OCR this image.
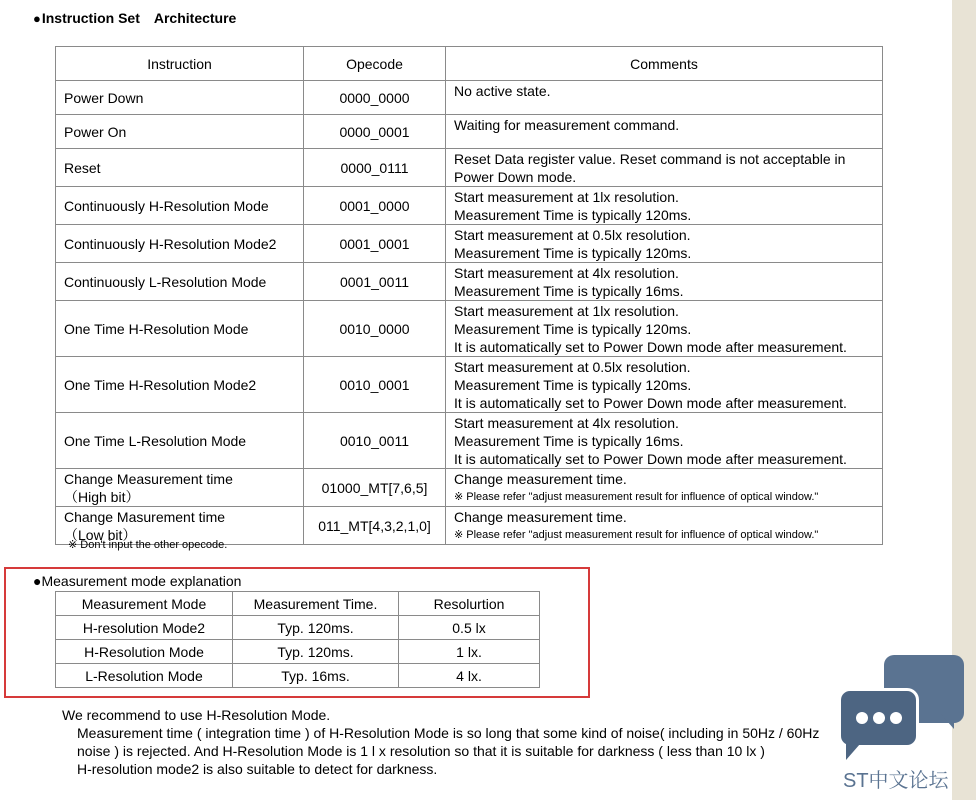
●Instruction Set　Architecture
Instruction	Opecode	Comments

Power Down	0000_0000	No active state.

Power On	0000_0001	Waiting for measurement command.

Reset	0000_0111	Reset Data register value. Reset command is not acceptable in
Power Down mode.

Continuously H-Resolution Mode	0001_0000	Start measurement at 1lx resolution.
Measurement Time is typically 120ms.

Continuously H-Resolution Mode2	0001_0001	Start measurement at 0.5lx resolution.
Measurement Time is typically 120ms.

Continuously L-Resolution Mode	0001_0011	Start measurement at 4lx resolution.
Measurement Time is typically 16ms.

One Time H-Resolution Mode	0010_0000	Start measurement at 1lx resolution.
Measurement Time is typically 120ms.
It is automatically set to Power Down mode after measurement.

One Time H-Resolution Mode2	0010_0001	Start measurement at 0.5lx resolution.
Measurement Time is typically 120ms.
It is automatically set to Power Down mode after measurement.

One Time L-Resolution Mode	0010_0011	Start measurement at 4lx resolution.
Measurement Time is typically 16ms.
It is automatically set to Power Down mode after measurement.

Change Measurement time
（High bit）	01000_MT[7,6,5]	Change measurement time.
※ Please refer "adjust measurement result for influence of optical window."

Change Masurement time
（Low bit）	011_MT[4,3,2,1,0]	Change measurement time.
※ Please refer "adjust measurement result for influence of optical window."
※ Don't input the other opecode.
●Measurement mode explanation
Measurement Mode	Measurement Time.	Resolurtion
H-resolution Mode2	Typ. 120ms.	0.5 lx
H-Resolution Mode	Typ. 120ms.	1 lx.
L-Resolution Mode	Typ. 16ms.	4 lx.
We recommend to use H-Resolution Mode.
Measurement time ( integration time ) of H-Resolution Mode is so long that some kind of noise( including in 50Hz / 60Hz
noise ) is rejected. And H-Resolution Mode is 1 l x resolution so that it is suitable for darkness ( less than 10 lx )
H-resolution mode2 is also suitable to detect for darkness.
ST中文论坛
